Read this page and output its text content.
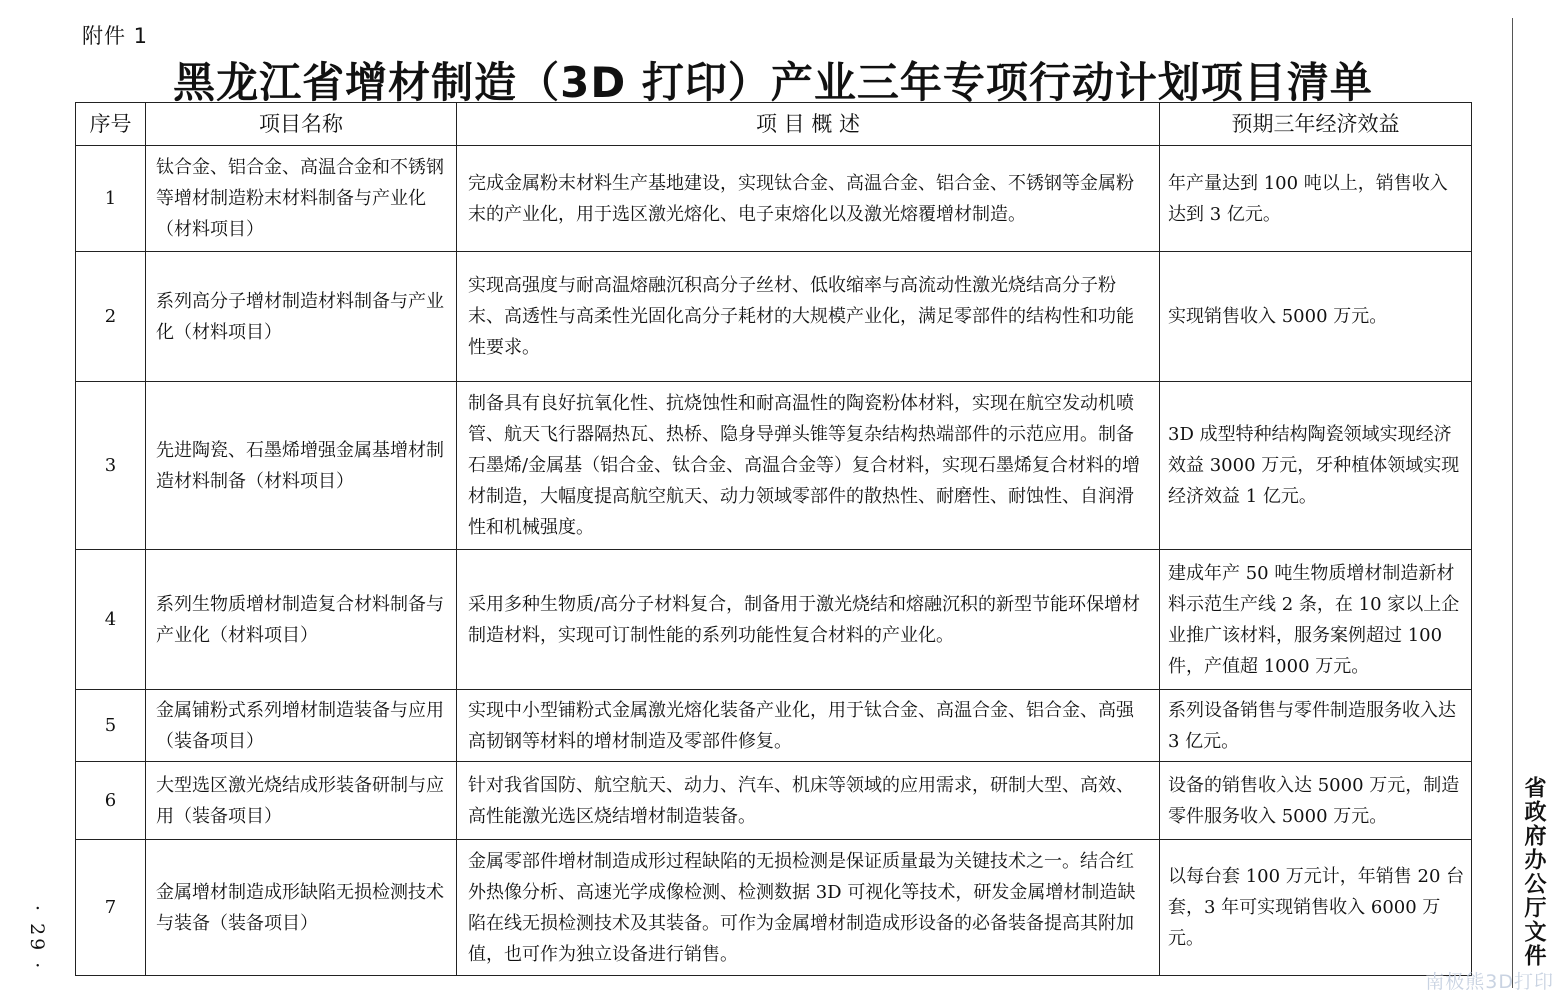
附件 1
黑龙江省增材制造（3D 打印）产业三年专项行动计划项目清单
序号	项目名称	项 目 概 述	预期三年经济效益
1	钛合金、铝合金、高温合金和不锈钢等增材制造粉末材料制备与产业化（材料项目）	完成金属粉末材料生产基地建设，实现钛合金、高温合金、铝合金、不锈钢等金属粉末的产业化，用于选区激光熔化、电子束熔化以及激光熔覆增材制造。	年产量达到 100 吨以上，销售收入达到 3 亿元。
2	系列高分子增材制造材料制备与产业化（材料项目）	实现高强度与耐高温熔融沉积高分子丝材、低收缩率与高流动性激光烧结高分子粉末、高透性与高柔性光固化高分子耗材的大规模产业化，满足零部件的结构性和功能性要求。	实现销售收入 5000 万元。
3	先进陶瓷、石墨烯增强金属基增材制造材料制备（材料项目）	制备具有良好抗氧化性、抗烧蚀性和耐高温性的陶瓷粉体材料，实现在航空发动机喷管、航天飞行器隔热瓦、热桥、隐身导弹头锥等复杂结构热端部件的示范应用。制备石墨烯/金属基（铝合金、钛合金、高温合金等）复合材料，实现石墨烯复合材料的增材制造，大幅度提高航空航天、动力领域零部件的散热性、耐磨性、耐蚀性、自润滑性和机械强度。	3D 成型特种结构陶瓷领域实现经济效益 3000 万元，牙种植体领域实现经济效益 1 亿元。
4	系列生物质增材制造复合材料制备与产业化（材料项目）	采用多种生物质/高分子材料复合，制备用于激光烧结和熔融沉积的新型节能环保增材制造材料，实现可订制性能的系列功能性复合材料的产业化。	建成年产 50 吨生物质增材制造新材料示范生产线 2 条，在 10 家以上企业推广该材料，服务案例超过 100 件，产值超 1000 万元。
5	金属铺粉式系列增材制造装备与应用（装备项目）	实现中小型铺粉式金属激光熔化装备产业化，用于钛合金、高温合金、铝合金、高强高韧钢等材料的增材制造及零部件修复。	系列设备销售与零件制造服务收入达 3 亿元。
6	大型选区激光烧结成形装备研制与应用（装备项目）	针对我省国防、航空航天、动力、汽车、机床等领域的应用需求，研制大型、高效、高性能激光选区烧结增材制造装备。	设备的销售收入达 5000 万元，制造零件服务收入 5000 万元。
7	金属增材制造成形缺陷无损检测技术与装备（装备项目）	金属零部件增材制造成形过程缺陷的无损检测是保证质量最为关键技术之一。结合红外热像分析、高速光学成像检测、检测数据 3D 可视化等技术，研发金属增材制造缺陷在线无损检测技术及其装备。可作为金属增材制造成形设备的必备装备提高其附加值，也可作为独立设备进行销售。	以每台套 100 万元计，年销售 20 台套，3 年可实现销售收入 6000 万元。
· 29 ·	省政府办公厅文件
南极熊3D打印
